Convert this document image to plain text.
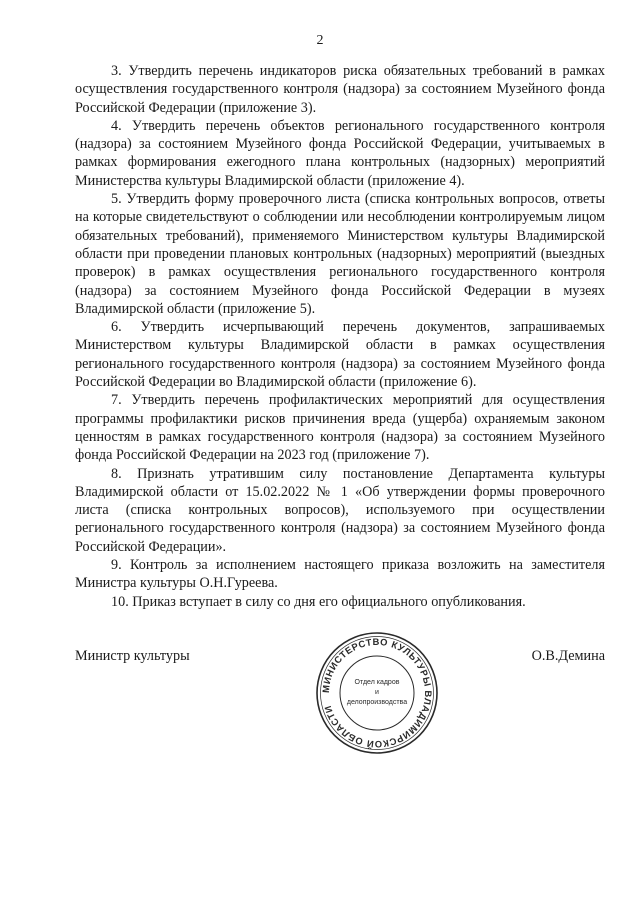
2

3. Утвердить перечень индикаторов риска обязательных требований в рамках осуществления государственного контроля (надзора) за состоянием Музейного фонда Российской Федерации (приложение 3).

4. Утвердить перечень объектов регионального государственного контроля (надзора) за состоянием Музейного фонда Российской Федерации, учитываемых в рамках формирования ежегодного плана контрольных (надзорных) мероприятий Министерства культуры Владимирской области (приложение 4).

5. Утвердить форму проверочного листа (списка контрольных вопросов, ответы на которые свидетельствуют о соблюдении или несоблюдении контролируемым лицом обязательных требований), применяемого Министерством культуры Владимирской области при проведении плановых контрольных (надзорных) мероприятий (выездных проверок) в рамках осуществления регионального государственного контроля (надзора) за состоянием Музейного фонда Российской Федерации в музеях Владимирской области (приложение 5).

6. Утвердить исчерпывающий перечень документов, запрашиваемых Министерством культуры Владимирской области в рамках осуществления регионального государственного контроля (надзора) за состоянием Музейного фонда Российской Федерации во Владимирской области (приложение 6).

7. Утвердить перечень профилактических мероприятий для осуществления программы профилактики рисков причинения вреда (ущерба) охраняемым законом ценностям в рамках государственного контроля (надзора) за состоянием Музейного фонда Российской Федерации на 2023 год (приложение 7).

8. Признать утратившим силу постановление Департамента культуры Владимирской области от 15.02.2022 № 1 «Об утверждении формы проверочного листа (списка контрольных вопросов), используемого при осуществлении регионального государственного контроля (надзора) за состоянием Музейного фонда Российской Федерации».

9. Контроль за исполнением настоящего приказа возложить на заместителя Министра культуры О.Н.Гуреева.

10. Приказ вступает в силу со дня его официального опубликования.

Министр культуры	О.В.Демина
МИНИСТЕРСТВО КУЛЬТУРЫ ВЛАДИМИРСКОЙ ОБЛАСТИ
Отдел кадров
и
делопроизводства
